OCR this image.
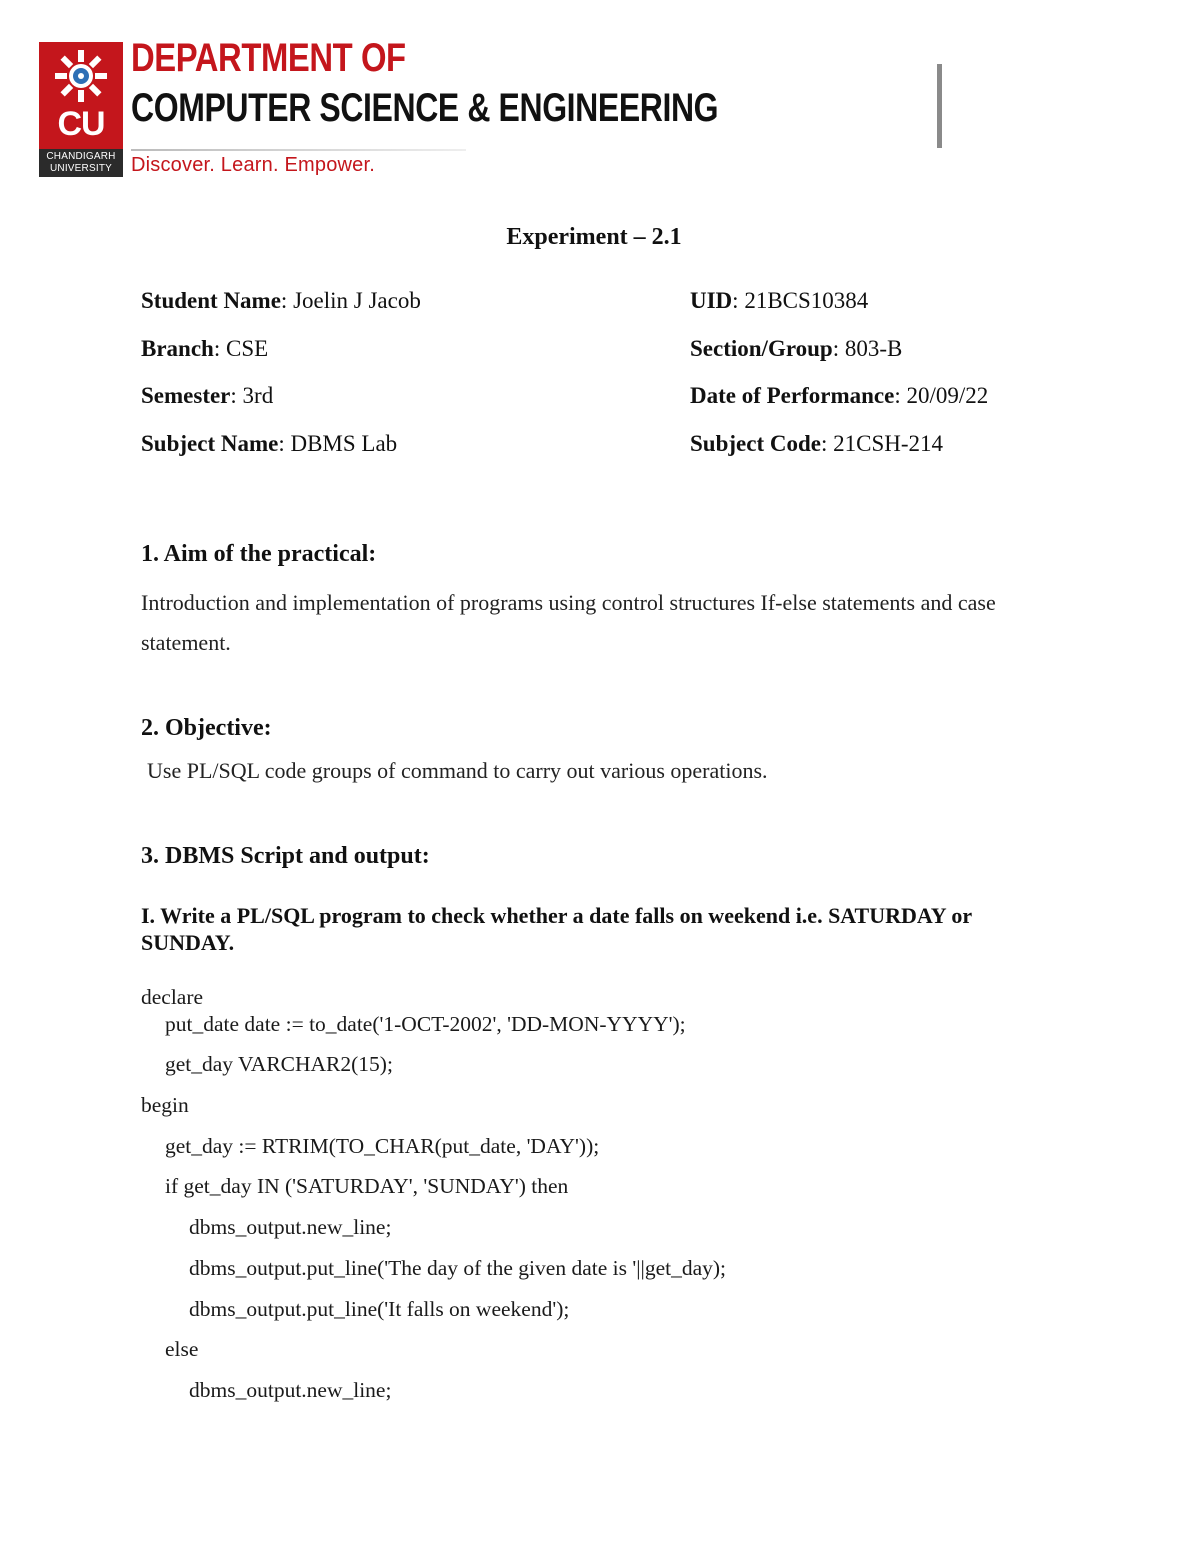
CU
CHANDIGARH
UNIVERSITY
DEPARTMENT OF
COMPUTER SCIENCE & ENGINEERING
Discover. Learn. Empower.
Experiment – 2.1
Student Name: Joelin J Jacob	UID: 21BCS10384
Branch: CSE	Section/Group: 803-B
Semester: 3rd	Date of Performance: 20/09/22
Subject Name: DBMS Lab	Subject Code: 21CSH-214
1. Aim of the practical:
Introduction and implementation of programs using control structures If-else statements and case
statement.
2. Objective:
Use PL/SQL code groups of command to carry out various operations.
3. DBMS Script and output:
I. Write a PL/SQL program to check whether a date falls on weekend i.e. SATURDAY or
SUNDAY.
declare
put_date date := to_date('1-OCT-2002', 'DD-MON-YYYY');
get_day VARCHAR2(15);
begin
get_day := RTRIM(TO_CHAR(put_date, 'DAY'));
if get_day IN ('SATURDAY', 'SUNDAY') then
dbms_output.new_line;
dbms_output.put_line('The day of the given date is '||get_day);
dbms_output.put_line('It falls on weekend');
else
dbms_output.new_line;
